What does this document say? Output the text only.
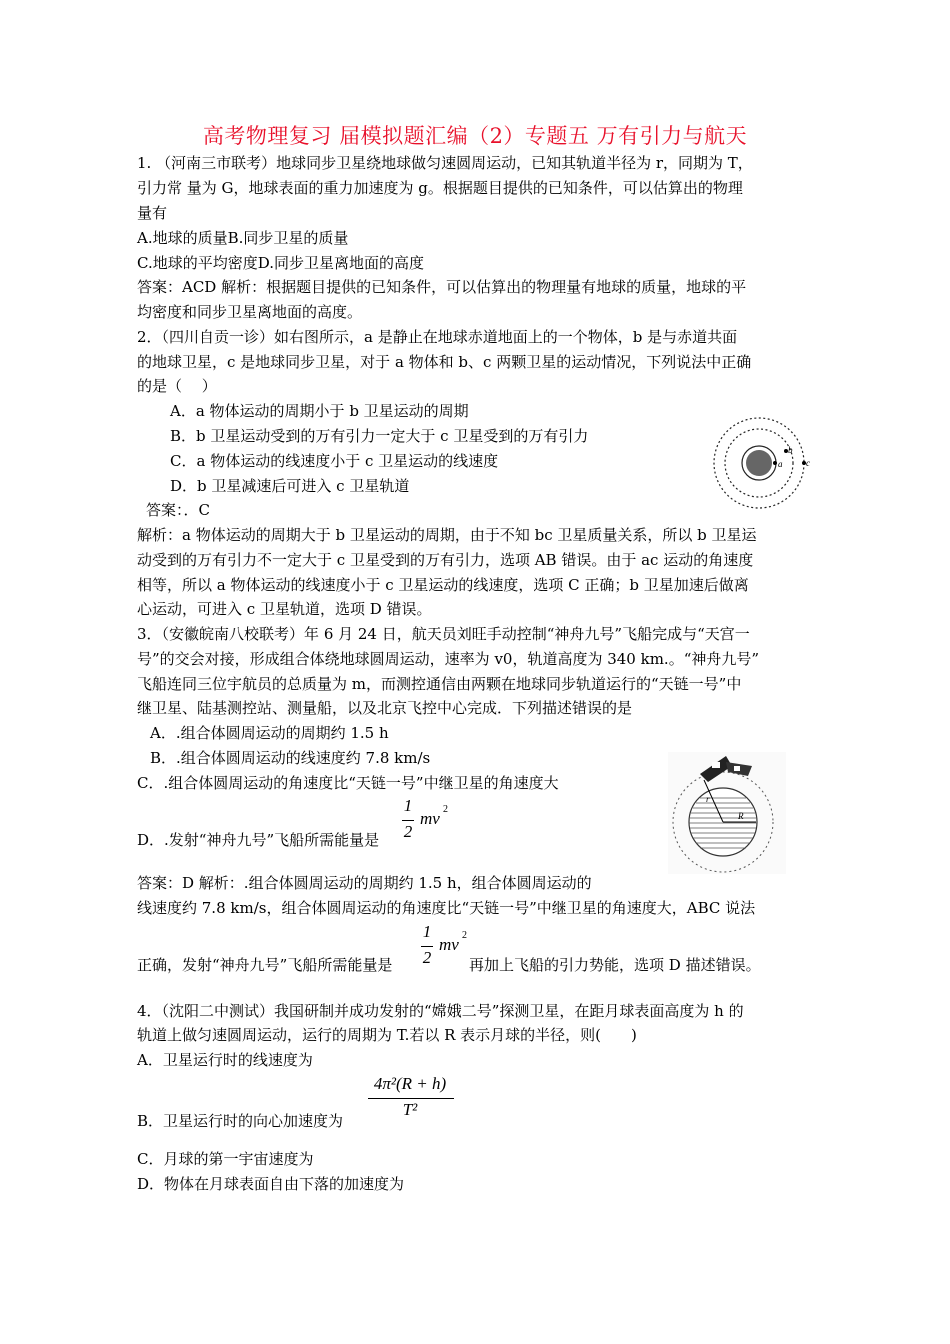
高考物理复习 届模拟题汇编（2）专题五 万有引力与航天
1. （河南三市联考）地球同步卫星绕地球做匀速圆周运动，已知其轨道半径为 r，同期为 T，
引力常 量为 G，地球表面的重力加速度为 g。根据题目提供的已知条件，可以估算出的物理
量有
A.地球的质量B.同步卫星的质量
C.地球的平均密度D.同步卫星离地面的高度
答案：ACD 解析：根据题目提供的已知条件，可以估算出的物理量有地球的质量，地球的平
均密度和同步卫星离地面的高度。
2．（四川自贡一诊）如右图所示，a 是静止在地球赤道地面上的一个物体，b 是与赤道共面
的地球卫星，c 是地球同步卫星，对于 a 物体和 b、c 两颗卫星的运动情况，下列说法中正确
的是（　 ）
A．a 物体运动的周期小于 b 卫星运动的周期
B．b 卫星运动受到的万有引力一定大于 c 卫星受到的万有引力
C．a 物体运动的线速度小于 c 卫星运动的线速度
D．b 卫星减速后可进入 c 卫星轨道
答案：．C
解析：a 物体运动的周期大于 b 卫星运动的周期，由于不知 bc 卫星质量关系，所以 b 卫星运
动受到的万有引力不一定大于 c 卫星受到的万有引力，选项 AB 错误。由于 ac 运动的角速度
相等，所以 a 物体运动的线速度小于 c 卫星运动的线速度，选项 C 正确；b 卫星加速后做离
心运动，可进入 c 卫星轨道，选项 D 错误。
a
b
c
3．（安徽皖南八校联考）年 6 月 24 日，航天员刘旺手动控制“神舟九号”飞船完成与“天宫一
号”的交会对接，形成组合体绕地球圆周运动，速率为 v0，轨道高度为 340 km.。“神舟九号”
飞船连同三位宇航员的总质量为 m，而测控通信由两颗在地球同步轨道运行的“天链一号”中
继卫星、陆基测控站、测量船，以及北京飞控中心完成．下列描述错误的是
A．.组合体圆周运动的周期约 1.5 h
B．.组合体圆周运动的线速度约 7.8 km/s
C．.组合体圆周运动的角速度比“天链一号”中继卫星的角速度大
D．.发射“神舟九号”飞船所需能量是
1
2
mv 2
答案：D 解析：.组合体圆周运动的周期约 1.5 h，组合体圆周运动的
线速度约 7.8 km/s，组合体圆周运动的角速度比“天链一号”中继卫星的角速度大，ABC 说法
正确，发射“神舟九号”飞船所需能量是	再加上飞船的引力势能，选项 D 描述错误。
1
2
mv 2
R
r
4．（沈阳二中测试）我国研制并成功发射的“嫦娥二号”探测卫星，在距月球表面高度为 h 的
轨道上做匀速圆周运动，运行的周期为 T.若以 R 表示月球的半径，则(　　)
A．卫星运行时的线速度为
B．卫星运行时的向心加速度为
4π²(R + h)
T²
C．月球的第一宇宙速度为
D．物体在月球表面自由下落的加速度为
